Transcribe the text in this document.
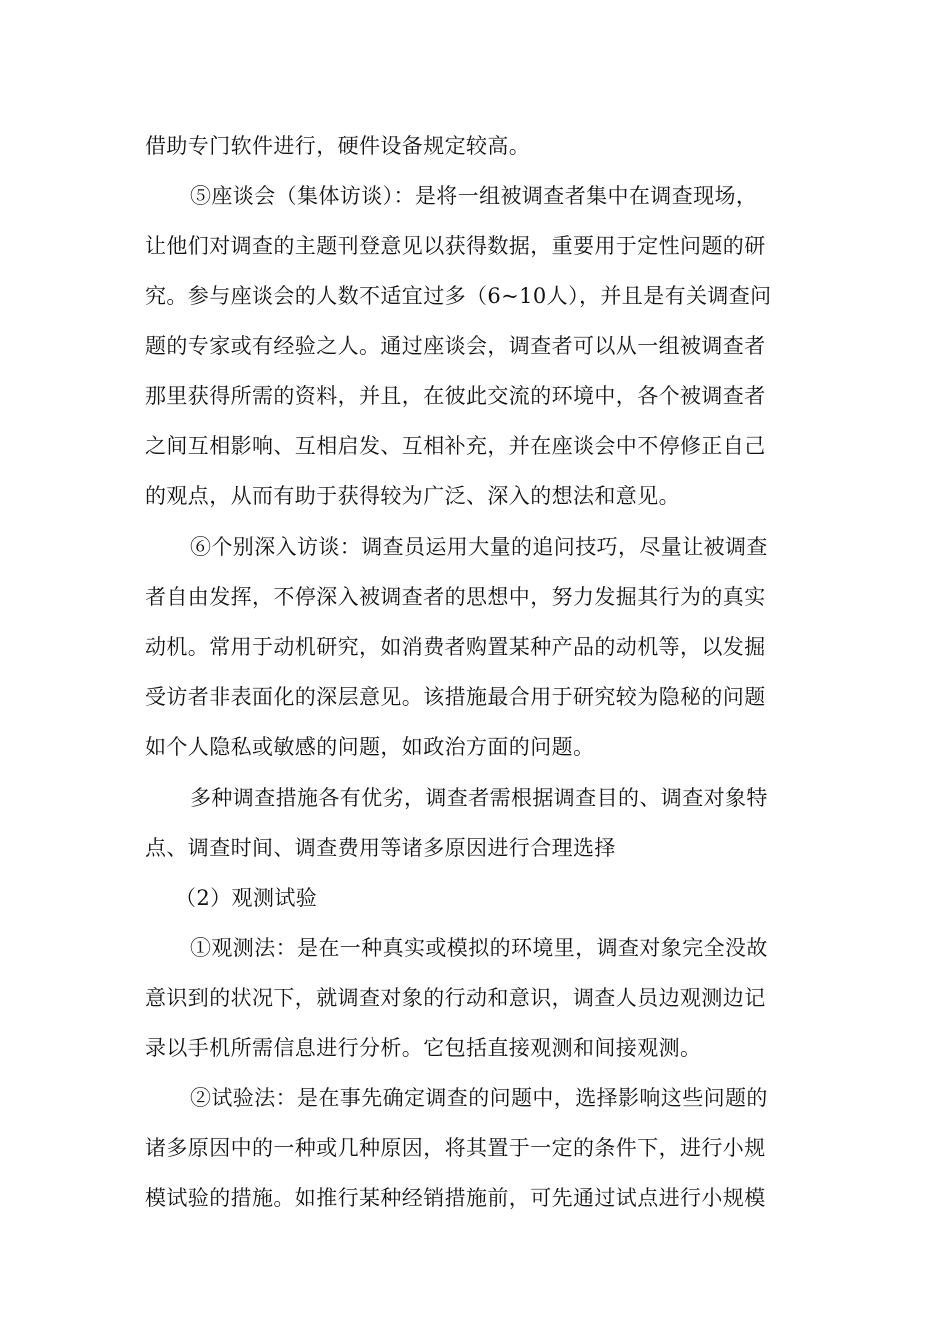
借助专门软件进行，硬件设备规定较高。
⑤座谈会（集体访谈）：是将一组被调查者集中在调查现场，
让他们对调查的主题刊登意见以获得数据，重要用于定性问题的研
究。参与座谈会的人数不适宜过多（6~10人），并且是有关调查问
题的专家或有经验之人。通过座谈会，调查者可以从一组被调查者
那里获得所需的资料，并且，在彼此交流的环境中，各个被调查者
之间互相影响、互相启发、互相补充，并在座谈会中不停修正自己
的观点，从而有助于获得较为广泛、深入的想法和意见。
⑥个别深入访谈：调查员运用大量的追问技巧，尽量让被调查
者自由发挥，不停深入被调查者的思想中，努力发掘其行为的真实
动机。常用于动机研究，如消费者购置某种产品的动机等，以发掘
受访者非表面化的深层意见。该措施最合用于研究较为隐秘的问题
如个人隐私或敏感的问题，如政治方面的问题。
多种调查措施各有优劣，调查者需根据调查目的、调查对象特
点、调查时间、调查费用等诸多原因进行合理选择
（2）观测试验
①观测法：是在一种真实或模拟的环境里，调查对象完全没故
意识到的状况下，就调查对象的行动和意识，调查人员边观测边记
录以手机所需信息进行分析。它包括直接观测和间接观测。
②试验法：是在事先确定调查的问题中，选择影响这些问题的
诸多原因中的一种或几种原因，将其置于一定的条件下，进行小规
模试验的措施。如推行某种经销措施前，可先通过试点进行小规模
